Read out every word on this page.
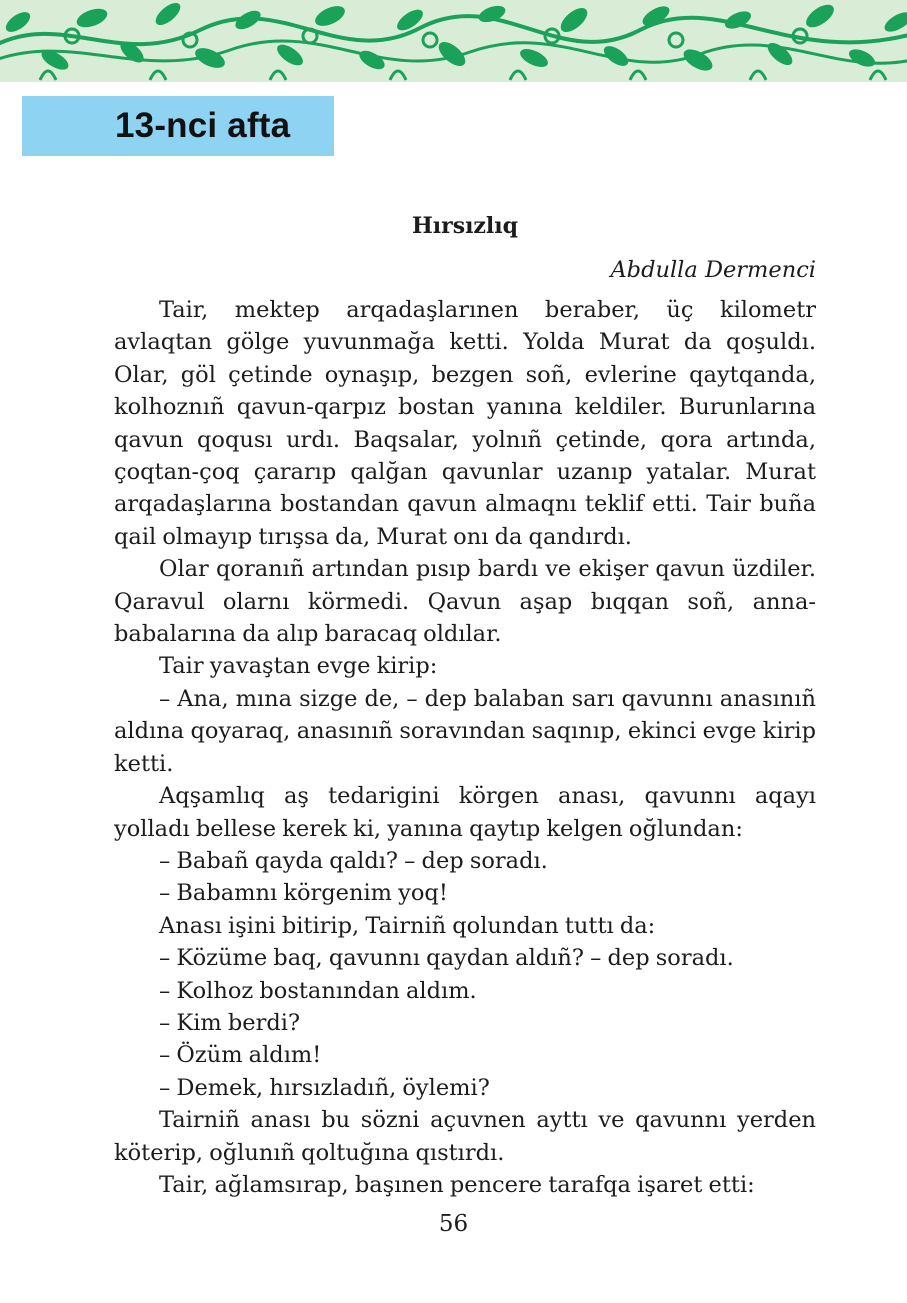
13-nci afta
Hırsızlıq
Abdulla Dermenci

Tair, mektep arqadaşlarınen beraber, üç kilometr avlaqtan gölge yuvunmağa ketti. Yolda Murat da qoşuldı. Olar, göl çetinde oynaşıp, bezgen soñ, evlerine qaytqanda, kolhoznıñ qavun-qarpız bostan yanına keldiler. Burunlarına qavun qoqusı urdı. Baqsalar, yolnıñ çetinde, qora artında, çoqtan-çoq çararıp qalğan qavunlar uzanıp yatalar. Murat arqadaşlarına bostandan qavun almaqnı teklif etti. Tair buña qail olmayıp tırışsa da, Murat onı da qandırdı.

Olar qoranıñ artından pısıp bardı ve ekişer qavun üzdiler. Qaravul olarnı körmedi. Qavun aşap bıqqan soñ, anna-babalarına da alıp baracaq oldılar.

Tair yavaştan evge kirip:

– Ana, mına sizge de, – dep balaban sarı qavunnı anasınıñ aldına qoyaraq, anasınıñ soravından saqınıp, ekinci evge kirip ketti.

Aqşamlıq aş tedarigini körgen anası, qavunnı aqayı yolladı bellese kerek ki, yanına qaytıp kelgen oğlundan:

– Babañ qayda qaldı? – dep soradı.

– Babamnı körgenim yoq!

Anası işini bitirip, Tairniñ qolundan tuttı da:

– Közüme baq, qavunnı qaydan aldıñ? – dep soradı.

– Kolhoz bostanından aldım.

– Kim berdi?

– Özüm aldım!

– Demek, hırsızladıñ, öylemi?

Tairniñ anası bu sözni açuvnen ayttı ve qavunnı yerden köterip, oğlunıñ qoltuğına qıstırdı.

Tair, ağlamsırap, başınen pencere tarafqa işaret etti:

56
